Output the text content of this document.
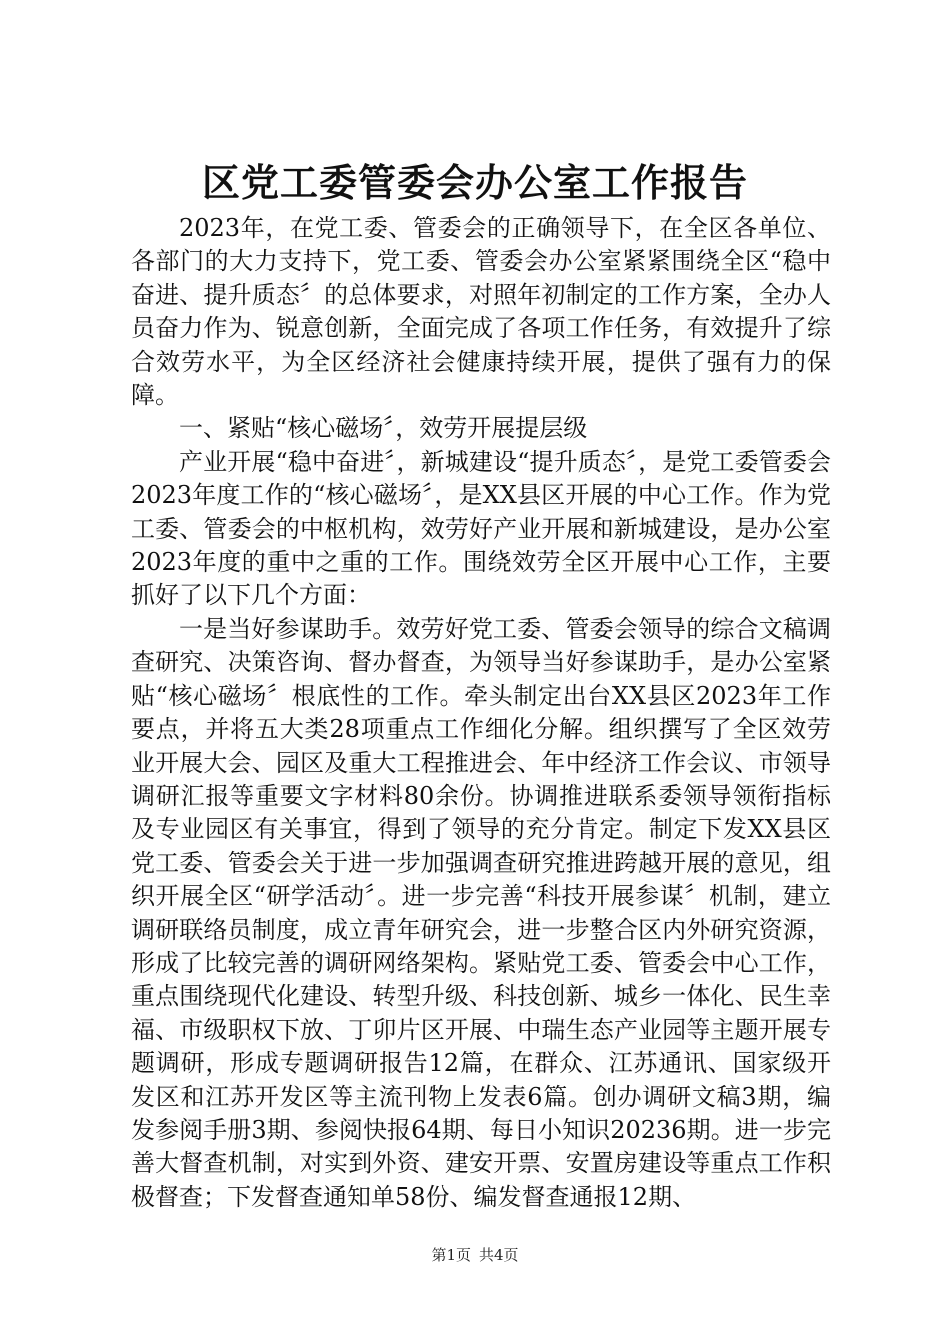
区党工委管委会办公室工作报告

2023年，在党工委、管委会的正确领导下，在全区各单位、各部门的大力支持下，党工委、管委会办公室紧紧围绕全区“稳中奋进、提升质态〞的总体要求，对照年初制定的工作方案，全办人员奋力作为、锐意创新，全面完成了各项工作任务，有效提升了综合效劳水平，为全区经济社会健康持续开展，提供了强有力的保障。

一、紧贴“核心磁场〞，效劳开展提层级

产业开展“稳中奋进〞，新城建设“提升质态〞，是党工委管委会2023年度工作的“核心磁场〞，是XX县区开展的中心工作。作为党工委、管委会的中枢机构，效劳好产业开展和新城建设，是办公室2023年度的重中之重的工作。围绕效劳全区开展中心工作，主要抓好了以下几个方面：

一是当好参谋助手。效劳好党工委、管委会领导的综合文稿调查研究、决策咨询、督办督查，为领导当好参谋助手，是办公室紧贴“核心磁场〞根底性的工作。牵头制定出台XX县区2023年工作要点，并将五大类28项重点工作细化分解。组织撰写了全区效劳业开展大会、园区及重大工程推进会、年中经济工作会议、市领导调研汇报等重要文字材料80余份。协调推进联系委领导领衔指标及专业园区有关事宜，得到了领导的充分肯定。制定下发XX县区党工委、管委会关于进一步加强调查研究推进跨越开展的意见，组织开展全区“研学活动〞。进一步完善“科技开展参谋〞机制，建立调研联络员制度，成立青年研究会，进一步整合区内外研究资源，形成了比较完善的调研网络架构。紧贴党工委、管委会中心工作，重点围绕现代化建设、转型升级、科技创新、城乡一体化、民生幸福、市级职权下放、丁卯片区开展、中瑞生态产业园等主题开展专题调研，形成专题调研报告12篇，在群众、江苏通讯、国家级开发区和江苏开发区等主流刊物上发表6篇。创办调研文稿3期，编发参阅手册3期、参阅快报64期、每日小知识20236期。进一步完善大督查机制，对实到外资、建安开票、安置房建设等重点工作积极督查；下发督查通知单58份、编发督查通报12期、

第1页 共4页
